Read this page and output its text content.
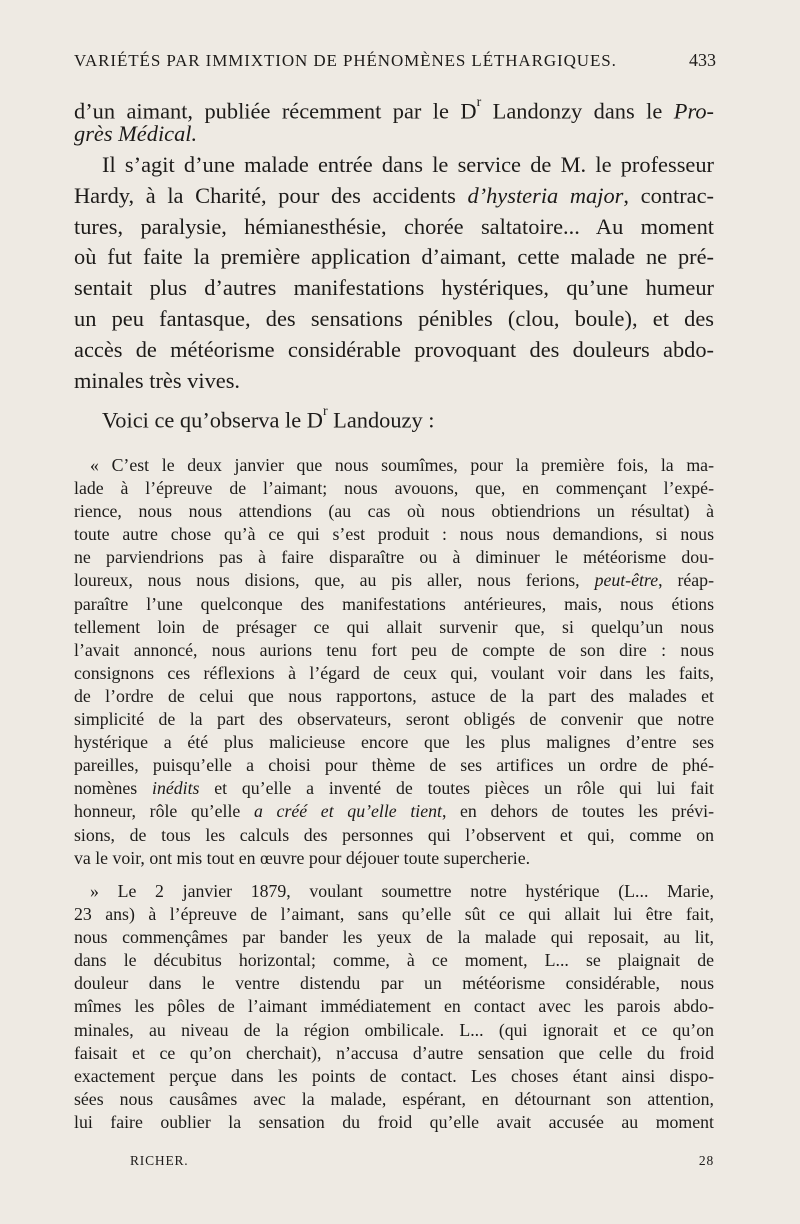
VARIÉTÉS PAR IMMIXTION DE PHÉNOMÈNES LÉTHARGIQUES.	433
d’un aimant, publiée récemment par le $D^r$ Landonzy dans le Pro-
grès Médical.
Il s’agit d’une malade entrée dans le service de M. le professeur
Hardy, à la Charité, pour des accidents d’hysteria major, contrac-
tures, paralysie, hémianesthésie, chorée saltatoire... Au moment
où fut faite la première application d’aimant, cette malade ne pré-
sentait plus d’autres manifestations hystériques, qu’une humeur
un peu fantasque, des sensations pénibles (clou, boule), et des
accès de météorisme considérable provoquant des douleurs abdo-
minales très vives.
Voici ce qu’observa le $D^r$ Landouzy :
« C’est le deux janvier que nous soumîmes, pour la première fois, la ma-
lade à l’épreuve de l’aimant; nous avouons, que, en commençant l’expé-
rience, nous nous attendions (au cas où nous obtiendrions un résultat) à
toute autre chose qu’à ce qui s’est produit : nous nous demandions, si nous
ne parviendrions pas à faire disparaître ou à diminuer le météorisme dou-
loureux, nous nous disions, que, au pis aller, nous ferions, peut-être, réap-
paraître l’une quelconque des manifestations antérieures, mais, nous étions
tellement loin de présager ce qui allait survenir que, si quelqu’un nous
l’avait annoncé, nous aurions tenu fort peu de compte de son dire : nous
consignons ces réflexions à l’égard de ceux qui, voulant voir dans les faits,
de l’ordre de celui que nous rapportons, astuce de la part des malades et
simplicité de la part des observateurs, seront obligés de convenir que notre
hystérique a été plus malicieuse encore que les plus malignes d’entre ses
pareilles, puisqu’elle a choisi pour thème de ses artifices un ordre de phé-
nomènes inédits et qu’elle a inventé de toutes pièces un rôle qui lui fait
honneur, rôle qu’elle a créé et qu’elle tient, en dehors de toutes les prévi-
sions, de tous les calculs des personnes qui l’observent et qui, comme on
va le voir, ont mis tout en œuvre pour déjouer toute supercherie.
» Le 2 janvier 1879, voulant soumettre notre hystérique (L... Marie,
23 ans) à l’épreuve de l’aimant, sans qu’elle sût ce qui allait lui être fait,
nous commençâmes par bander les yeux de la malade qui reposait, au lit,
dans le décubitus horizontal; comme, à ce moment, L... se plaignait de
douleur dans le ventre distendu par un météorisme considérable, nous
mîmes les pôles de l’aimant immédiatement en contact avec les parois abdo-
minales, au niveau de la région ombilicale. L... (qui ignorait et ce qu’on
faisait et ce qu’on cherchait), n’accusa d’autre sensation que celle du froid
exactement perçue dans les points de contact. Les choses étant ainsi dispo-
sées nous causâmes avec la malade, espérant, en détournant son attention,
lui faire oublier la sensation du froid qu’elle avait accusée au moment
RICHER.	28
